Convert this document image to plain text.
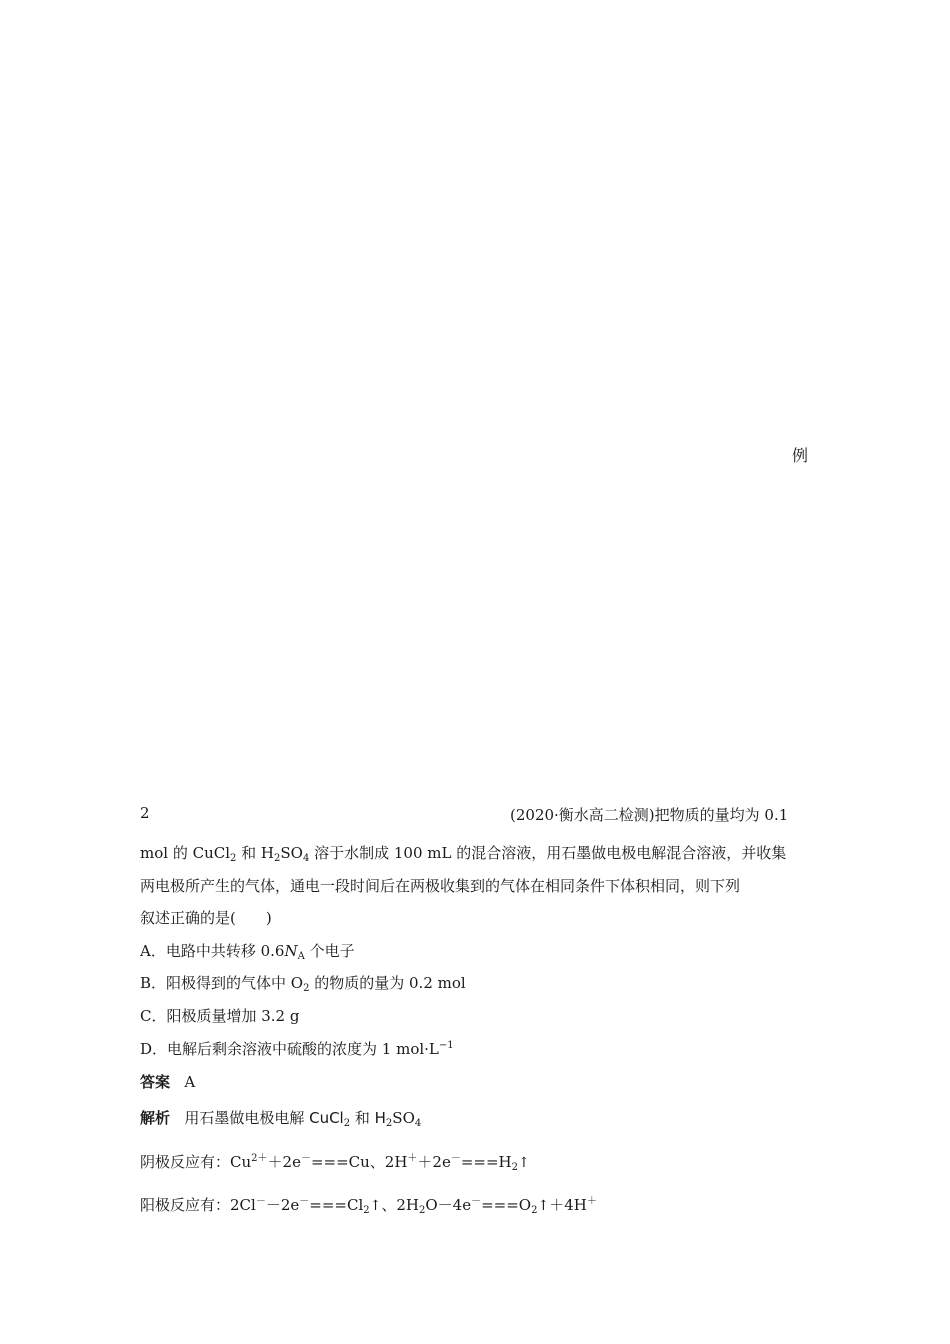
例
2	(2020·衡水高二检测)把物质的量均为 0.1
mol 的 CuCl$_2$ 和 $H_2SO_4$ 溶于水制成 100 mL 的混合溶液，用石墨做电极电解混合溶液，并收集
两电极所产生的气体，通电一段时间后在两极收集到的气体在相同条件下体积相同，则下列
叙述正确的是(　　)
A．电路中共转移 $0.6N_A$ 个电子
B．阳极得到的气体中 $O_2$ 的物质的量为 0.2 mol
C．阳极质量增加 3.2 g
D．电解后剩余溶液中硫酸的浓度为 1 $mol\cdot L^{-1}$
答案 A
解析 用石墨做电极电解 CuCl$_2$ 和 $H_2SO_4$
阴极反应有：$Cu^{2+}+2e^-===Cu$、$2H^++2e^-===H_2↑$
阳极反应有：$2Cl^--2e^-===Cl_2↑$、$2H_2O-4e^-===O_2↑+4H^+$
